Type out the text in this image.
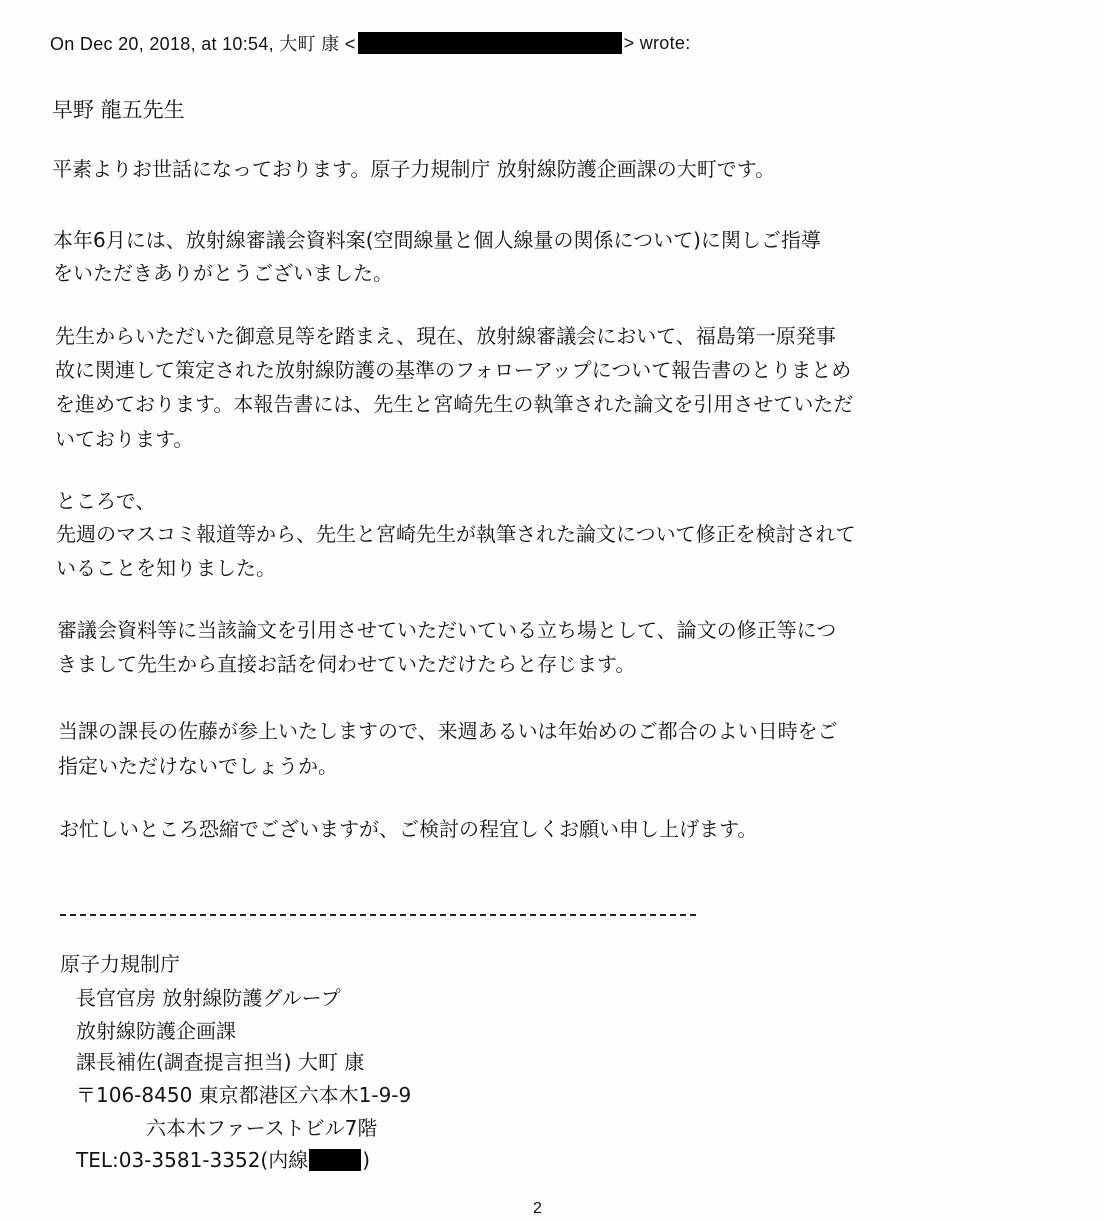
On Dec 20, 2018, at 10:54, 大町 康 <	> wrote:
早野 龍五先生
平素よりお世話になっております。原子力規制庁 放射線防護企画課の大町です。
本年6月には、放射線審議会資料案(空間線量と個人線量の関係について)に関しご指導
をいただきありがとうございました。
先生からいただいた御意見等を踏まえ、現在、放射線審議会において、福島第一原発事
故に関連して策定された放射線防護の基準のフォローアップについて報告書のとりまとめ
を進めております。本報告書には、先生と宮崎先生の執筆された論文を引用させていただ
いております。
ところで、
先週のマスコミ報道等から、先生と宮崎先生が執筆された論文について修正を検討されて
いることを知りました。
審議会資料等に当該論文を引用させていただいている立ち場として、論文の修正等につ
きまして先生から直接お話を伺わせていただけたらと存じます。
当課の課長の佐藤が参上いたしますので、来週あるいは年始めのご都合のよい日時をご
指定いただけないでしょうか。
お忙しいところ恐縮でございますが、ご検討の程宜しくお願い申し上げます。
原子力規制庁
長官官房 放射線防護グループ
放射線防護企画課
課長補佐(調査提言担当) 大町 康
〒106-8450 東京都港区六本木1-9-9
六本木ファーストビル7階
TEL:03-3581-3352(内線	)
2
